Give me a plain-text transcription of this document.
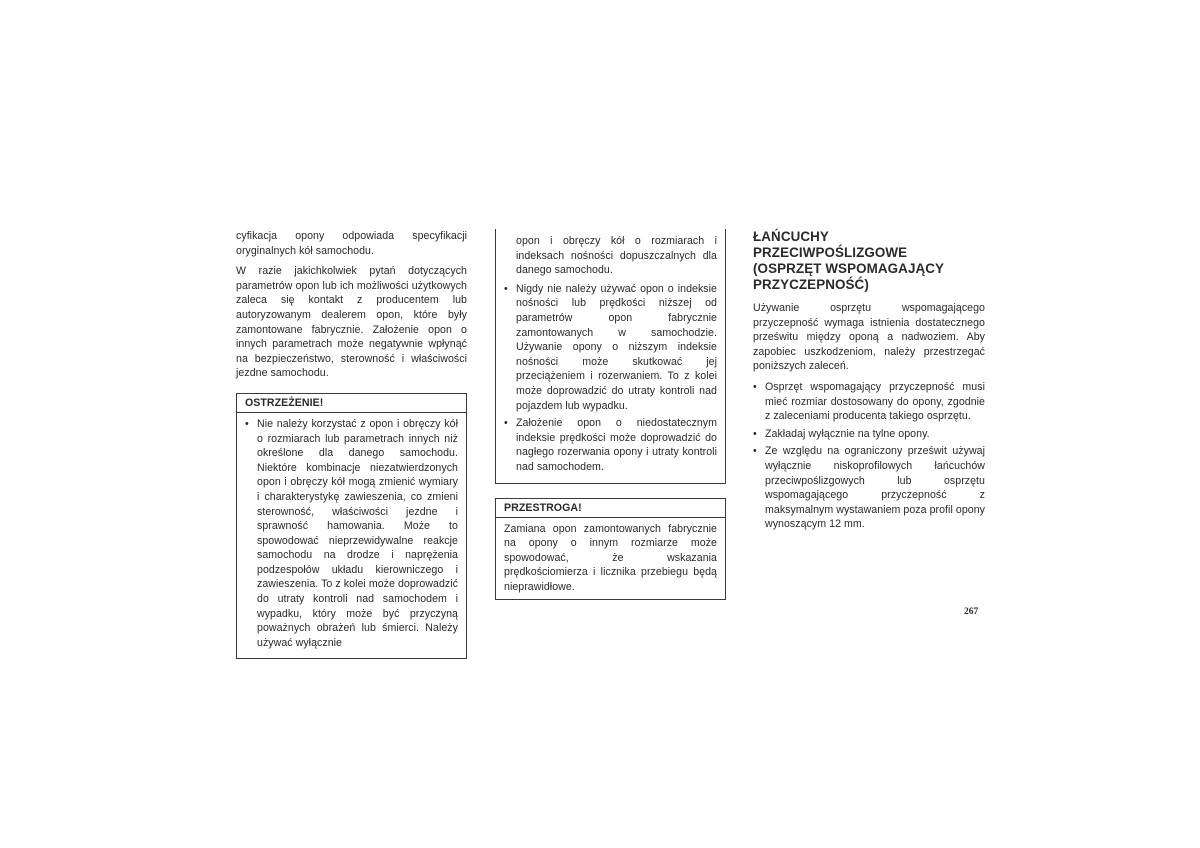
cyfikacja opony odpowiada specyfikacji oryginalnych kół samochodu.

W razie jakichkolwiek pytań dotyczących parametrów opon lub ich możliwości użytkowych zaleca się kontakt z producentem lub autoryzowanym dealerem opon, które były zamontowane fabrycznie. Założenie opon o innych parametrach może negatywnie wpłynąć na bezpieczeństwo, sterowność i właściwości jezdne samochodu.

OSTRZEŻENIE!
• Nie należy korzystać z opon i obręczy kół o rozmiarach lub parametrach innych niż określone dla danego samochodu. Niektóre kombinacje niezatwierdzonych opon i obręczy kół mogą zmienić wymiary i charakterystykę zawieszenia, co zmieni sterowność, właściwości jezdne i sprawność hamowania. Może to spowodować nieprzewidywalne reakcje samochodu na drodze i naprężenia podzespołów układu kierowniczego i zawieszenia. To z kolei może doprowadzić do utraty kontroli nad samochodem i wypadku, który może być przyczyną poważnych obrażeń lub śmierci. Należy używać wyłącznie

opon i obręczy kół o rozmiarach i indeksach nośności dopuszczalnych dla danego samochodu.

• Nigdy nie należy używać opon o indeksie nośności lub prędkości niższej od parametrów opon fabrycznie zamontowanych w samochodzie. Używanie opony o niższym indeksie nośności może skutkować jej przeciążeniem i rozerwaniem. To z kolei może doprowadzić do utraty kontroli nad pojazdem lub wypadku.
• Założenie opon o niedostatecznym indeksie prędkości może doprowadzić do nagłego rozerwania opony i utraty kontroli nad samochodem.
PRZESTROGA!

Zamiana opon zamontowanych fabrycznie na opony o innym rozmiarze może spowodować, że wskazania prędkościomierza i licznika przebiegu będą nieprawidłowe.

ŁAŃCUCHY PRZECIWPOŚLIZGOWE
(OSPRZĘT WSPOMAGAJĄCY
PRZYCZEPNOŚĆ)

Używanie osprzętu wspomagającego przyczepność wymaga istnienia dostatecznego prześwitu między oponą a nadwoziem. Aby zapobiec uszkodzeniom, należy przestrzegać poniższych zaleceń.

• Osprzęt wspomagający przyczepność musi mieć rozmiar dostosowany do opony, zgodnie z zaleceniami producenta takiego osprzętu.
• Zakładaj wyłącznie na tylne opony.
• Ze względu na ograniczony prześwit używaj wyłącznie niskoprofilowych łańcuchów przeciwpoślizgowych lub osprzętu wspomagającego przyczepność z maksymalnym wystawaniem poza profil opony wynoszącym 12 mm.
267
